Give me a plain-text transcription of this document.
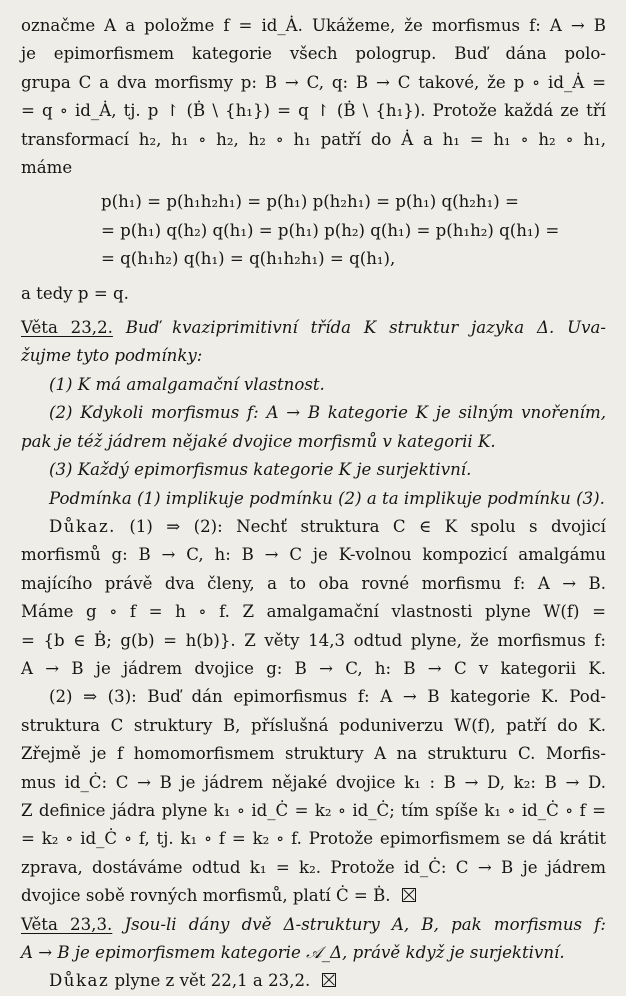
označme A a položme f = id_Ȧ. Ukážeme, že morfismus f: A → B
je epimorfismem kategorie všech pologrup. Buď dána polo-
grupa C a dva morfismy p: B → C, q: B → C takové, že p ∘ id_Ȧ =
= q ∘ id_Ȧ, tj. p ↾ (Ḃ \ {h₁}) = q ↾ (Ḃ \ {h₁}). Protože každá ze tří
transformací h₂, h₁ ∘ h₂, h₂ ∘ h₁ patří do Ȧ a h₁ = h₁ ∘ h₂ ∘ h₁,
máme
p(h₁) = p(h₁h₂h₁) = p(h₁) p(h₂h₁) = p(h₁) q(h₂h₁) =
= p(h₁) q(h₂) q(h₁) = p(h₁) p(h₂) q(h₁) = p(h₁h₂) q(h₁) =
= q(h₁h₂) q(h₁) = q(h₁h₂h₁) = q(h₁),
a tedy p = q.
Věta 23,2. Buď kvaziprimitivní třída K struktur jazyka Δ. Uva-
žujme tyto podmínky:
(1) K má amalgamační vlastnost.
(2) Kdykoli morfismus f: A → B kategorie K je silným vnořením,
pak je též jádrem nějaké dvojice morfismů v kategorii K.
(3) Každý epimorfismus kategorie K je surjektivní.
Podmínka (1) implikuje podmínku (2) a ta implikuje podmínku (3).
Důkaz. (1) ⇒ (2): Nechť struktura C ∈ K spolu s dvojicí
morfismů g: B → C, h: B → C je K-volnou kompozicí amalgámu
majícího právě dva členy, a to oba rovné morfismu f: A → B.
Máme g ∘ f = h ∘ f. Z amalgamační vlastnosti plyne W(f) =
= {b ∈ Ḃ; g(b) = h(b)}. Z věty 14,3 odtud plyne, že morfismus f:
A → B je jádrem dvojice g: B → C, h: B → C v kategorii K.
(2) ⇒ (3): Buď dán epimorfismus f: A → B kategorie K. Pod-
struktura C struktury B, příslušná poduniverzu W(f), patří do K.
Zřejmě je f homomorfismem struktury A na strukturu C. Morfis-
mus id_Ċ: C → B je jádrem nějaké dvojice k₁ : B → D, k₂: B → D.
Z definice jádra plyne k₁ ∘ id_Ċ = k₂ ∘ id_Ċ; tím spíše k₁ ∘ id_Ċ ∘ f =
= k₂ ∘ id_Ċ ∘ f, tj. k₁ ∘ f = k₂ ∘ f. Protože epimorfismem se dá krátit
zprava, dostáváme odtud k₁ = k₂. Protože id_Ċ: C → B je jádrem
dvojice sobě rovných morfismů, platí Ċ = Ḃ.
Věta 23,3. Jsou-li dány dvě Δ-struktury A, B, pak morfismus f:
A → B je epimorfismem kategorie 𝒜_Δ, právě když je surjektivní.
Důkaz plyne z vět 22,1 a 23,2.
